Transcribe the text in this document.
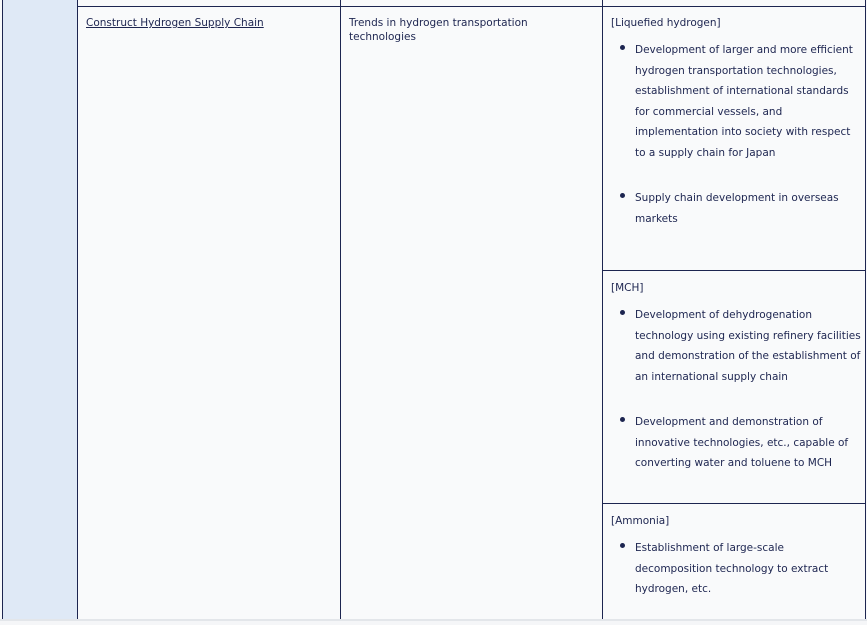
Construct Hydrogen Supply Chain	Trends in hydrogen transportation technologies
[Liquefied hydrogen]
Development of larger and more efficient hydrogen transportation technologies, establishment of international standards for commercial vessels, and implementation into society with respect to a supply chain for Japan
Supply chain development in overseas markets
[MCH]
Development of dehydrogenation technology using existing refinery facilities and demonstration of the establishment of an international supply chain
Development and demonstration of innovative technologies, etc., capable of converting water and toluene to MCH
[Ammonia]
Establishment of large-scale decomposition technology to extract hydrogen, etc.
